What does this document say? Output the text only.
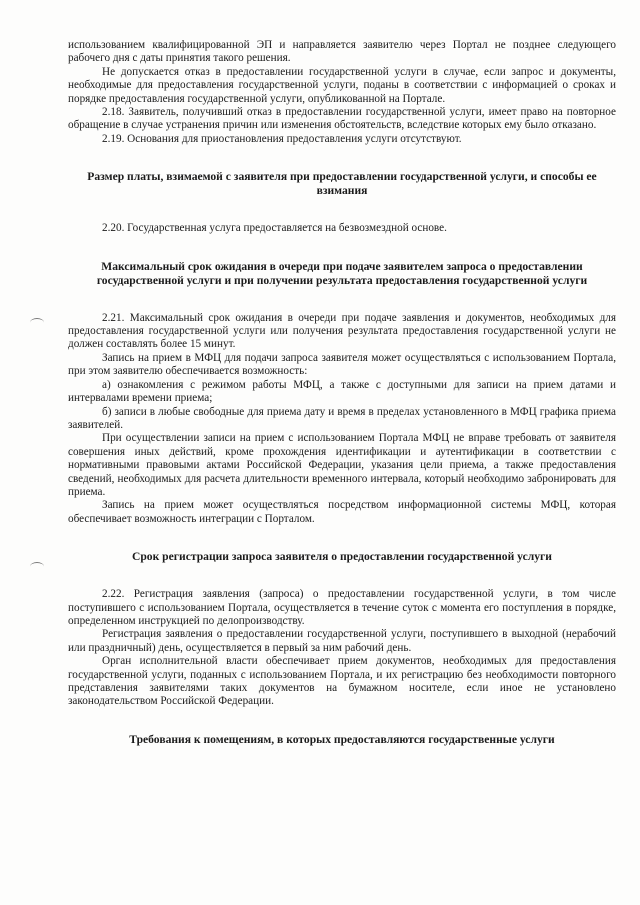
использованием квалифицированной ЭП и направляется заявителю через Портал не позднее следующего рабочего дня с даты принятия такого решения.

Не допускается отказ в предоставлении государственной услуги в случае, если запрос и документы, необходимые для предоставления государственной услуги, поданы в соответствии с информацией о сроках и порядке предоставления государственной услуги, опубликованной на Портале.

2.18. Заявитель, получивший отказ в предоставлении государственной услуги, имеет право на повторное обращение в случае устранения причин или изменения обстоятельств, вследствие которых ему было отказано.

2.19. Основания для приостановления предоставления услуги отсутствуют.

Размер платы, взимаемой с заявителя при предоставлении государственной услуги, и способы ее взимания

2.20. Государственная услуга предоставляется на безвозмездной основе.

Максимальный срок ожидания в очереди при подаче заявителем запроса о предоставлении государственной услуги и при получении результата предоставления государственной услуги

2.21. Максимальный срок ожидания в очереди при подаче заявления и документов, необходимых для предоставления государственной услуги или получения результата предоставления государственной услуги не должен составлять более 15 минут.

Запись на прием в МФЦ для подачи запроса заявителя может осуществляться с использованием Портала, при этом заявителю обеспечивается возможность:

а) ознакомления с режимом работы МФЦ, а также с доступными для записи на прием датами и интервалами времени приема;

б) записи в любые свободные для приема дату и время в пределах установленного в МФЦ графика приема заявителей.

При осуществлении записи на прием с использованием Портала МФЦ не вправе требовать от заявителя совершения иных действий, кроме прохождения идентификации и аутентификации в соответствии с нормативными правовыми актами Российской Федерации, указания цели приема, а также предоставления сведений, необходимых для расчета длительности временного интервала, который необходимо забронировать для приема.

Запись на прием может осуществляться посредством информационной системы МФЦ, которая обеспечивает возможность интеграции с Порталом.

Срок регистрации запроса заявителя о предоставлении государственной услуги

2.22. Регистрация заявления (запроса) о предоставлении государственной услуги, в том числе поступившего с использованием Портала, осуществляется в течение суток с момента его поступления в порядке, определенном инструкцией по делопроизводству.

Регистрация заявления о предоставлении государственной услуги, поступившего в выходной (нерабочий или праздничный) день, осуществляется в первый за ним рабочий день.

Орган исполнительной власти обеспечивает прием документов, необходимых для предоставления государственной услуги, поданных с использованием Портала, и их регистрацию без необходимости повторного представления заявителями таких документов на бумажном носителе, если иное не установлено законодательством Российской Федерации.

Требования к помещениям, в которых предоставляются государственные услуги
